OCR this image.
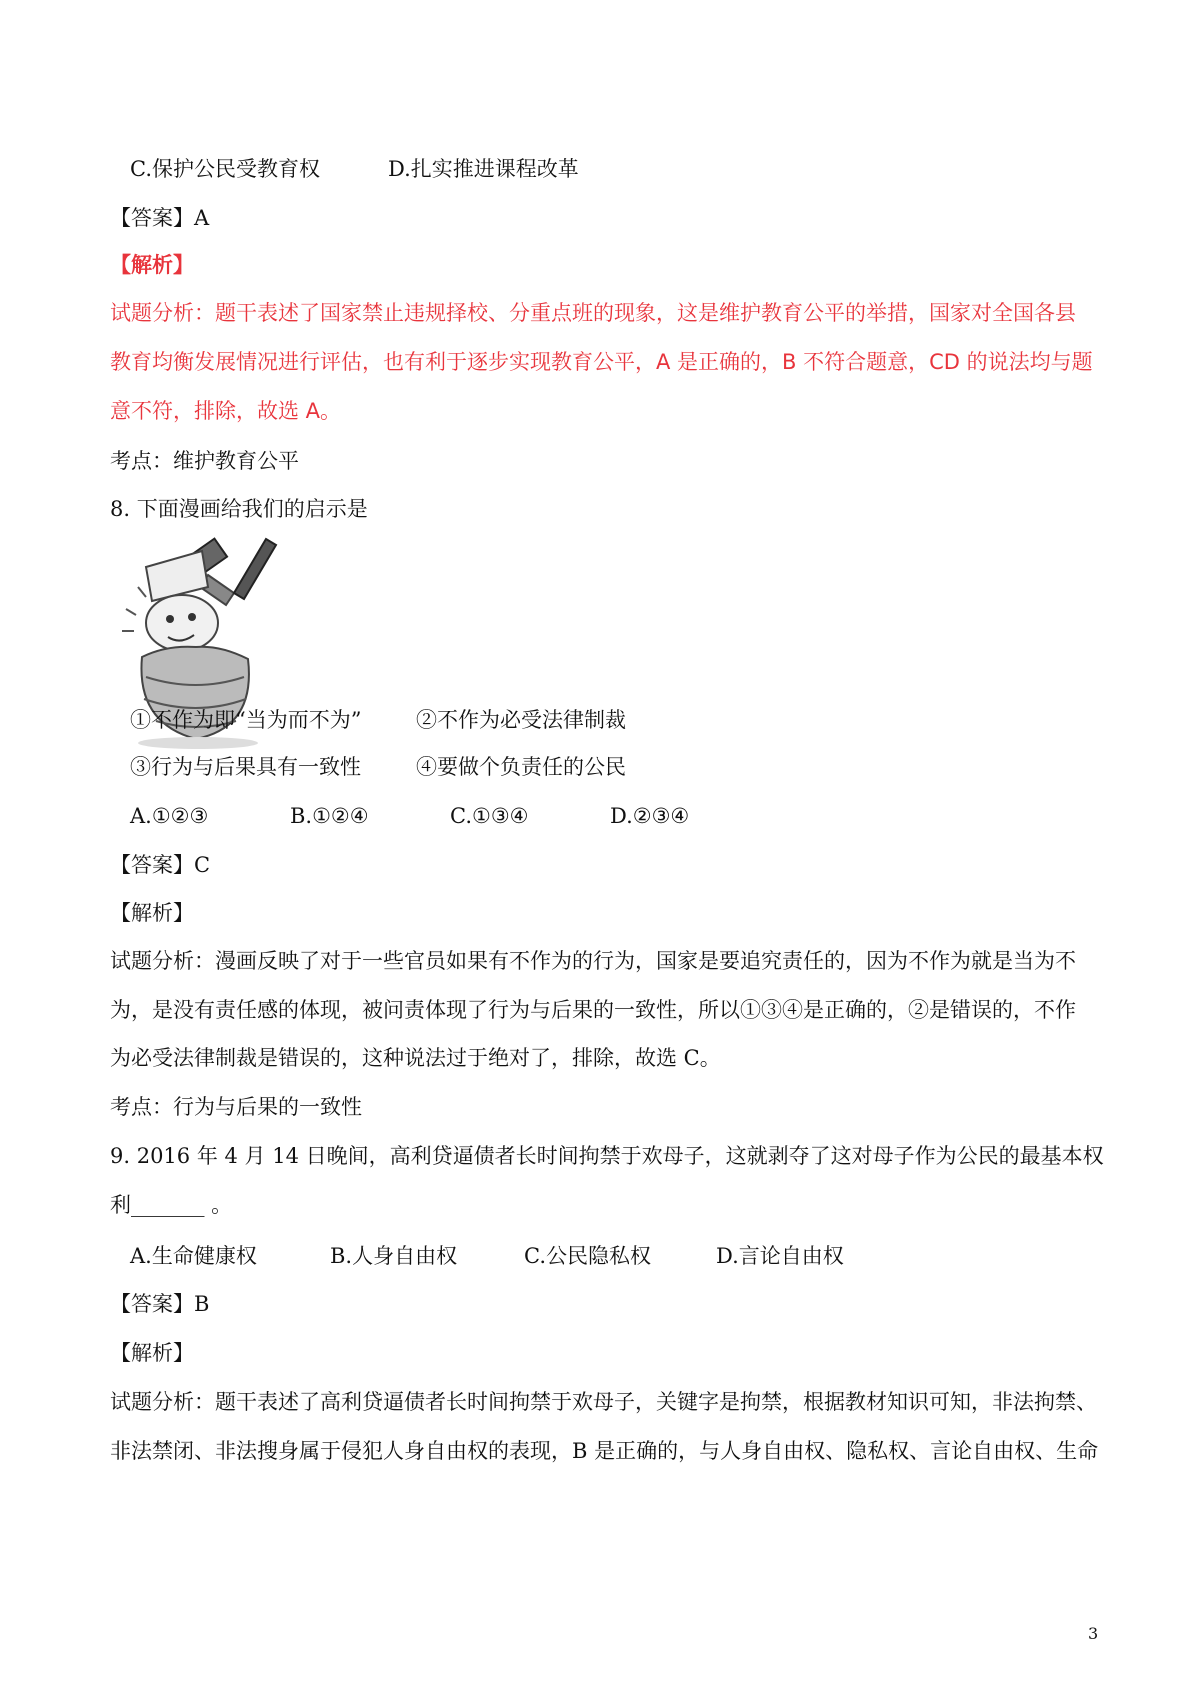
C.保护公民受教育权	D.扎实推进课程改革
【答案】A
【解析】
试题分析：题干表述了国家禁止违规择校、分重点班的现象，这是维护教育公平的举措，国家对全国各县
教育均衡发展情况进行评估，也有利于逐步实现教育公平，A 是正确的，B 不符合题意，CD 的说法均与题
意不符，排除，故选 A。
考点：维护教育公平
8. 下面漫画给我们的启示是
①不作为即“当为而不为”	②不作为必受法律制裁
③行为与后果具有一致性	④要做个负责任的公民
A.①②③	B.①②④	C.①③④	D.②③④
【答案】C
【解析】
试题分析：漫画反映了对于一些官员如果有不作为的行为，国家是要追究责任的，因为不作为就是当为不
为，是没有责任感的体现，被问责体现了行为与后果的一致性，所以①③④是正确的，②是错误的，不作
为必受法律制裁是错误的，这种说法过于绝对了，排除，故选 C。
考点：行为与后果的一致性
9. 2016 年 4 月 14 日晚间，高利贷逼债者长时间拘禁于欢母子，这就剥夺了这对母子作为公民的最基本权
利_______ 。
A.生命健康权	B.人身自由权	C.公民隐私权	D.言论自由权
【答案】B
【解析】
试题分析：题干表述了高利贷逼债者长时间拘禁于欢母子，关键字是拘禁，根据教材知识可知，非法拘禁、
非法禁闭、非法搜身属于侵犯人身自由权的表现，B 是正确的，与人身自由权、隐私权、言论自由权、生命
3
